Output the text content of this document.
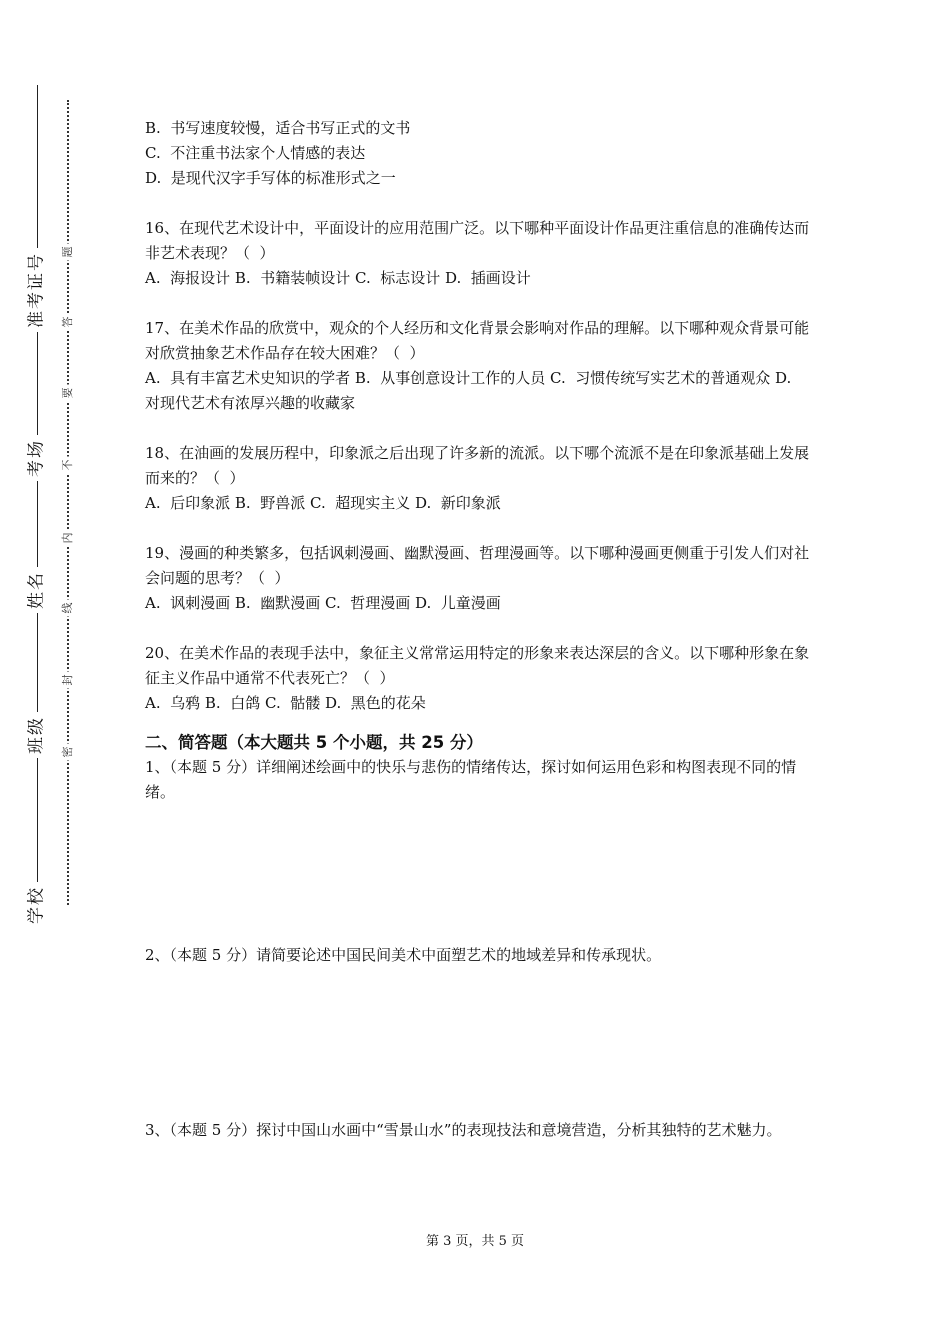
准考证号
考场
姓名
班级
学校
题
答
要
不
内
线
封
密

B.  书写速度较慢，适合书写正式的文书

C.  不注重书法家个人情感的表达

D.  是现代汉字手写体的标准形式之一

16、在现代艺术设计中，平面设计的应用范围广泛。以下哪种平面设计作品更注重信息的准确传达而非艺术表现？（  ）

A.  海报设计 B.  书籍装帧设计 C.  标志设计 D.  插画设计

17、在美术作品的欣赏中，观众的个人经历和文化背景会影响对作品的理解。以下哪种观众背景可能对欣赏抽象艺术作品存在较大困难？（  ）

A.  具有丰富艺术史知识的学者 B.  从事创意设计工作的人员 C.  习惯传统写实艺术的普通观众 D.  对现代艺术有浓厚兴趣的收藏家

18、在油画的发展历程中，印象派之后出现了许多新的流派。以下哪个流派不是在印象派基础上发展而来的？（  ）

A.  后印象派 B.  野兽派 C.  超现实主义 D.  新印象派

19、漫画的种类繁多，包括讽刺漫画、幽默漫画、哲理漫画等。以下哪种漫画更侧重于引发人们对社会问题的思考？（  ）

A.  讽刺漫画 B.  幽默漫画 C.  哲理漫画 D.  儿童漫画

20、在美术作品的表现手法中，象征主义常常运用特定的形象来表达深层的含义。以下哪种形象在象征主义作品中通常不代表死亡？（  ）

A.  乌鸦 B.  白鸽 C.  骷髅 D.  黑色的花朵

二、简答题（本大题共 5 个小题，共 25 分）

1、（本题 5 分）详细阐述绘画中的快乐与悲伤的情绪传达，探讨如何运用色彩和构图表现不同的情绪。

2、（本题 5 分）请简要论述中国民间美术中面塑艺术的地域差异和传承现状。

3、（本题 5 分）探讨中国山水画中“雪景山水”的表现技法和意境营造，分析其独特的艺术魅力。

第 3 页，共 5 页
